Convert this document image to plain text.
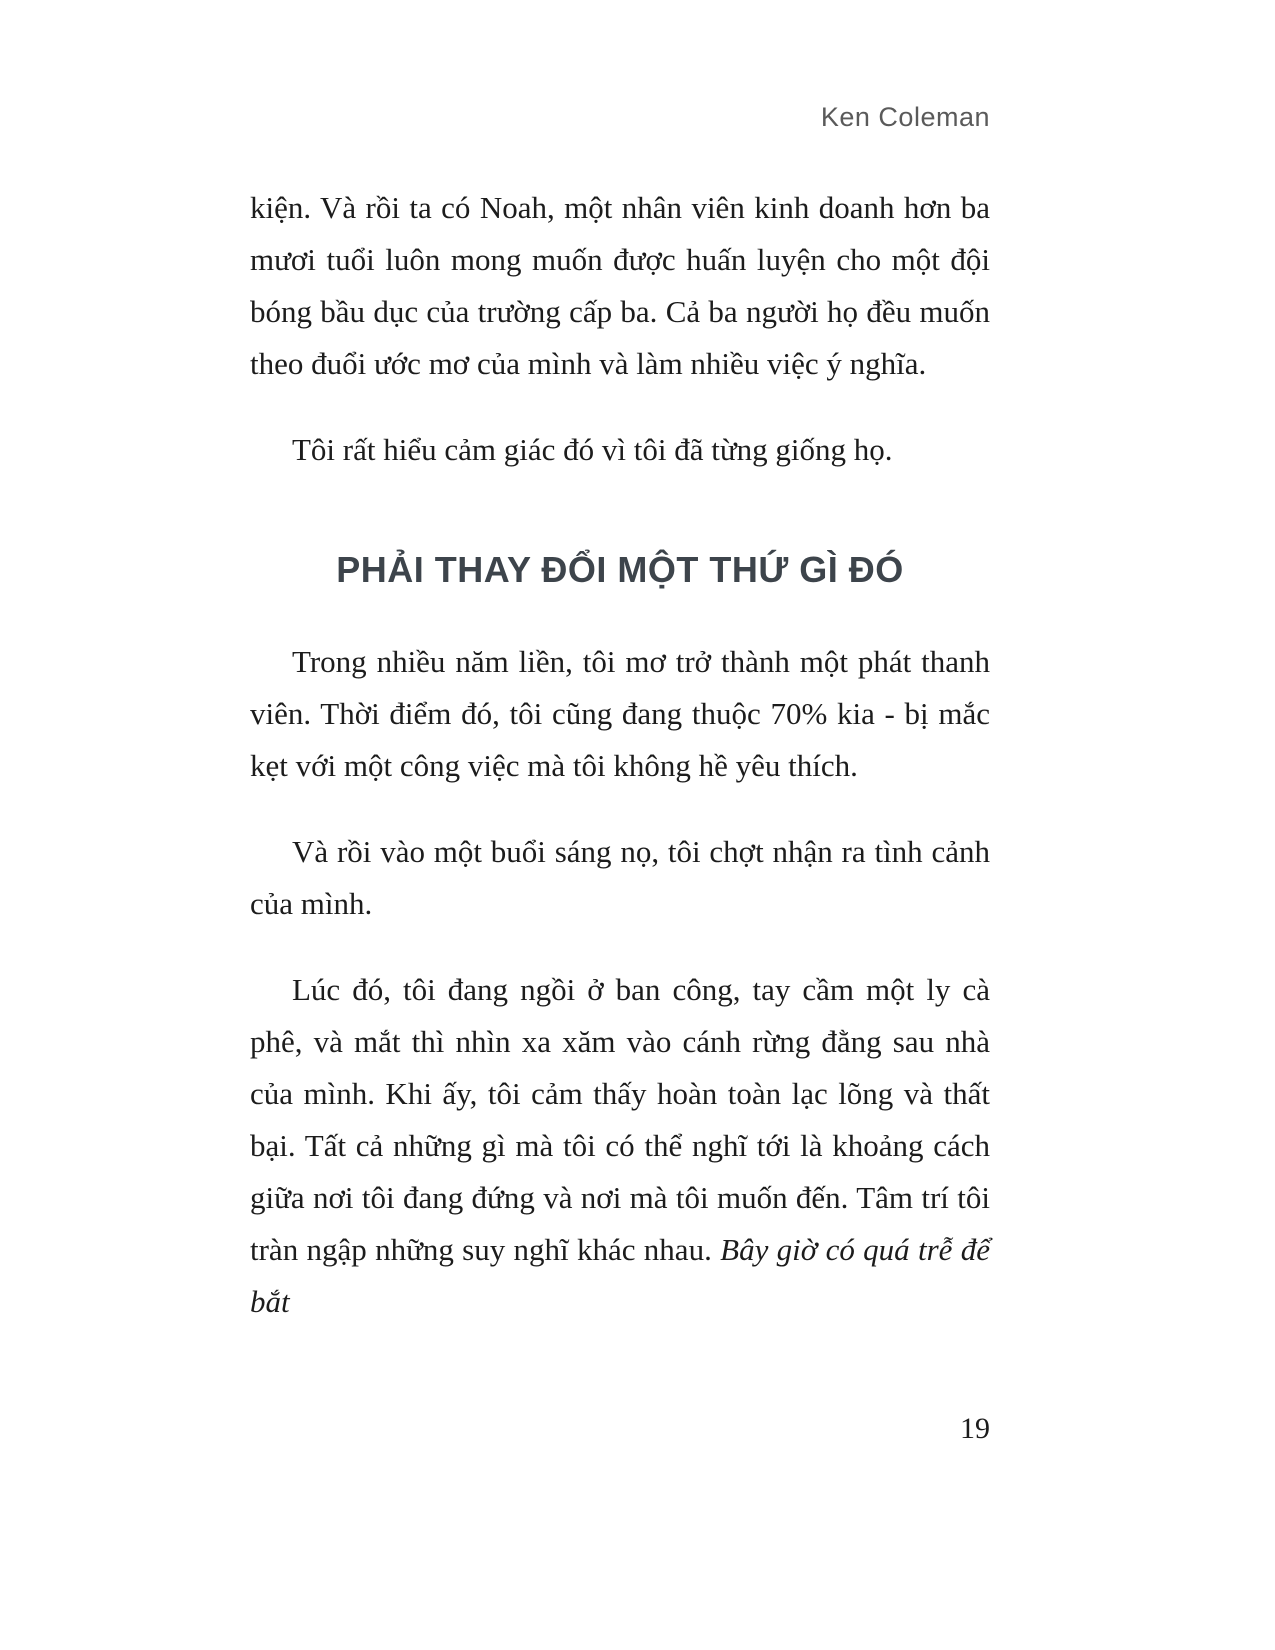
Ken Coleman

kiện. Và rồi ta có Noah, một nhân viên kinh doanh hơn ba mươi tuổi luôn mong muốn được huấn luyện cho một đội bóng bầu dục của trường cấp ba. Cả ba người họ đều muốn theo đuổi ước mơ của mình và làm nhiều việc ý nghĩa.

Tôi rất hiểu cảm giác đó vì tôi đã từng giống họ.

PHẢI THAY ĐỔI MỘT THỨ GÌ ĐÓ

Trong nhiều năm liền, tôi mơ trở thành một phát thanh viên. Thời điểm đó, tôi cũng đang thuộc 70% kia - bị mắc kẹt với một công việc mà tôi không hề yêu thích.

Và rồi vào một buổi sáng nọ, tôi chợt nhận ra tình cảnh của mình.

Lúc đó, tôi đang ngồi ở ban công, tay cầm một ly cà phê, và mắt thì nhìn xa xăm vào cánh rừng đằng sau nhà của mình. Khi ấy, tôi cảm thấy hoàn toàn lạc lõng và thất bại. Tất cả những gì mà tôi có thể nghĩ tới là khoảng cách giữa nơi tôi đang đứng và nơi mà tôi muốn đến. Tâm trí tôi tràn ngập những suy nghĩ khác nhau. Bây giờ có quá trễ để bắt

19
